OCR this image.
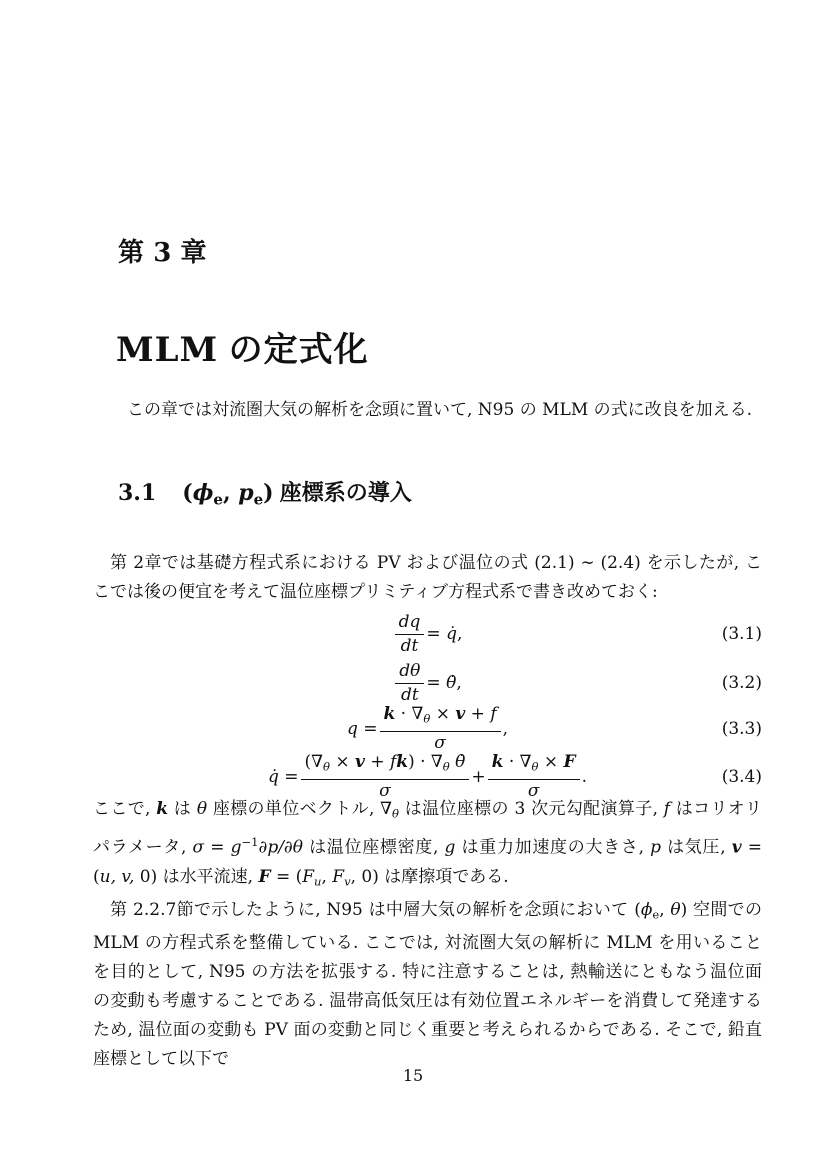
第 3 章
MLM の定式化
この章では対流圏大気の解析を念頭に置いて, N95 の MLM の式に改良を加える.
3.1 ($\phi_e$, $p_e$) 座標系の導入
第 2章では基礎方程式系における PV および温位の式 (2.1) ∼ (2.4) を示したが, ここでは後の便宜を考えて温位座標プリミティブ方程式系で書き改めておく:
$\frac{dq}{dt}$ = q̇,	(3.1)
$\frac{d\theta}{dt}$ = θ̇,	(3.2)
$q = \frac{k \cdot \nabla_\theta \times v + f}{\sigma}$ ,	(3.3)
q̇ = $\frac{(\nabla_\theta \times v + fk) \cdot \nabla_\theta \thetȧ}{\sigma} + \frac{k \cdot \nabla_\theta \times F}{\sigma}$ .	(3.4)
ここで, k は θ 座標の単位ベクトル, $\nabla_\theta$ は温位座標の 3 次元勾配演算子, f はコリオリパラメータ, $\sigma = g^{-1}\partial p/\partial\theta$ は温位座標密度, g は重力加速度の大きさ, p は気圧, v = (u, v, 0) は水平流速, $F = (F_u$, $F_v$, 0) は摩擦項である.
第 2.2.7節で示したように, N95 は中層大気の解析を念頭において ($\phi_e$, θ) 空間での MLM の方程式系を整備している. ここでは, 対流圏大気の解析に MLM を用いることを目的として, N95 の方法を拡張する. 特に注意することは, 熱輸送にともなう温位面の変動も考慮することである. 温帯高低気圧は有効位置エネルギーを消費して発達するため, 温位面の変動も PV 面の変動と同じく重要と考えられるからである. そこで, 鉛直座標として以下で
15
